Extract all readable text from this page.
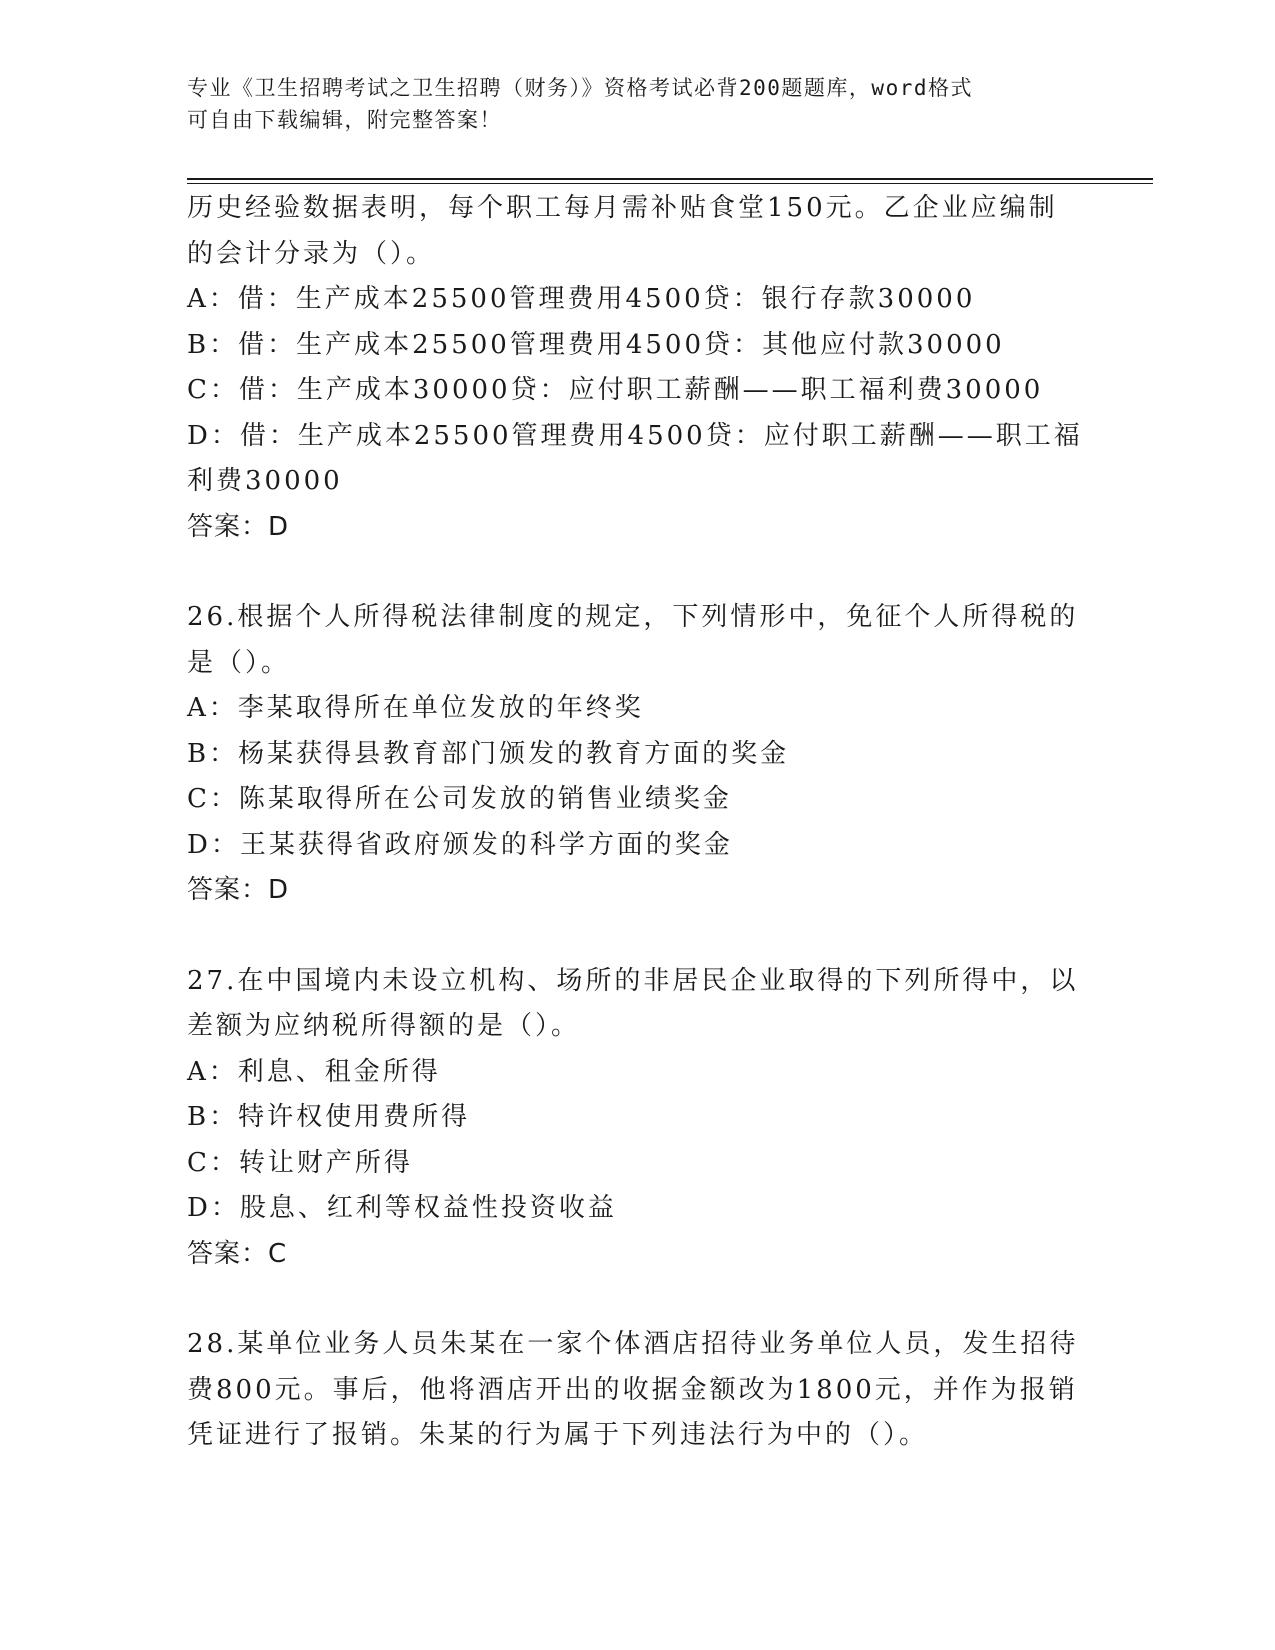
专业《卫生招聘考试之卫生招聘（财务）》资格考试必背200题题库，word格式
可自由下载编辑，附完整答案！
历史经验数据表明，每个职工每月需补贴食堂150元。乙企业应编制
的会计分录为（）。
A：借：生产成本25500管理费用4500贷：银行存款30000
B：借：生产成本25500管理费用4500贷：其他应付款30000
C：借：生产成本30000贷：应付职工薪酬——职工福利费30000
D：借：生产成本25500管理费用4500贷：应付职工薪酬——职工福
利费30000
答案：D
26.根据个人所得税法律制度的规定，下列情形中，免征个人所得税的
是（）。
A：李某取得所在单位发放的年终奖
B：杨某获得县教育部门颁发的教育方面的奖金
C：陈某取得所在公司发放的销售业绩奖金
D：王某获得省政府颁发的科学方面的奖金
答案：D
27.在中国境内未设立机构、场所的非居民企业取得的下列所得中，以
差额为应纳税所得额的是（）。
A：利息、租金所得
B：特许权使用费所得
C：转让财产所得
D：股息、红利等权益性投资收益
答案：C
28.某单位业务人员朱某在一家个体酒店招待业务单位人员，发生招待
费800元。事后，他将酒店开出的收据金额改为1800元，并作为报销
凭证进行了报销。朱某的行为属于下列违法行为中的（）。
